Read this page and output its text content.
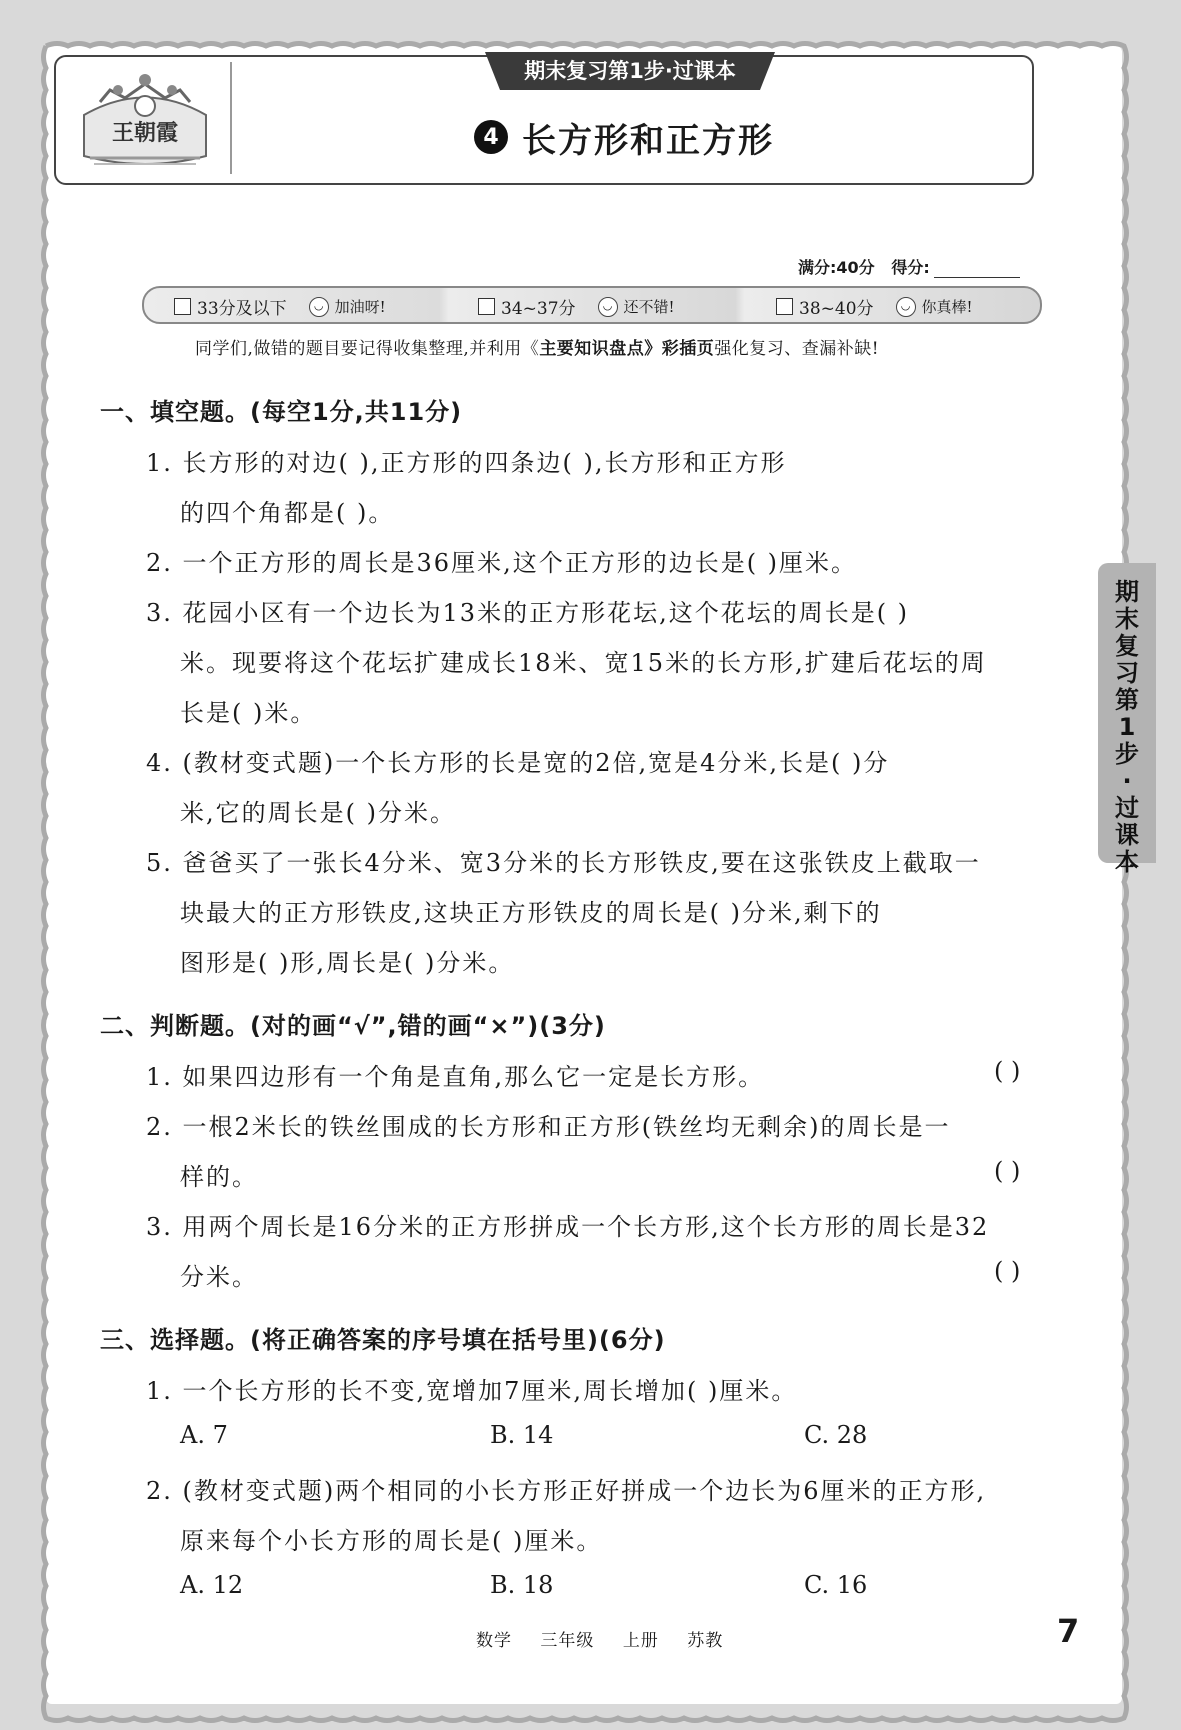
王朝霞
期末复习第1步·过课本
4 长方形和正方形
满分:40分 得分:
33分及以下	◡ 加油呀!	34~37分	◡ 还不错!	38~40分	◡ 你真棒!
同学们,做错的题目要记得收集整理,并利用《主要知识盘点》彩插页强化复习、查漏补缺!
一、填空题。(每空1分,共11分)
1. 长方形的对边( ),正方形的四条边( ),长方形和正方形
的四个角都是( )。
2. 一个正方形的周长是36厘米,这个正方形的边长是( )厘米。
3. 花园小区有一个边长为13米的正方形花坛,这个花坛的周长是( )
米。现要将这个花坛扩建成长18米、宽15米的长方形,扩建后花坛的周
长是( )米。
4. (教材变式题)一个长方形的长是宽的2倍,宽是4分米,长是( )分
米,它的周长是( )分米。
5. 爸爸买了一张长4分米、宽3分米的长方形铁皮,要在这张铁皮上截取一
块最大的正方形铁皮,这块正方形铁皮的周长是( )分米,剩下的
图形是( )形,周长是( )分米。
二、判断题。(对的画“√”,错的画“×”)(3分)
1. 如果四边形有一个角是直角,那么它一定是长方形。	( )
2. 一根2米长的铁丝围成的长方形和正方形(铁丝均无剩余)的周长是一
样的。	( )
3. 用两个周长是16分米的正方形拼成一个长方形,这个长方形的周长是32
分米。	( )
三、选择题。(将正确答案的序号填在括号里)(6分)
1. 一个长方形的长不变,宽增加7厘米,周长增加( )厘米。
A. 7	B. 14	C. 28
2. (教材变式题)两个相同的小长方形正好拼成一个边长为6厘米的正方形,
原来每个小长方形的周长是( )厘米。
A. 12	B. 18	C. 16
期
末
复
习
第
1
步
·
过
课
本
数学 三年级 上册 苏教	7
